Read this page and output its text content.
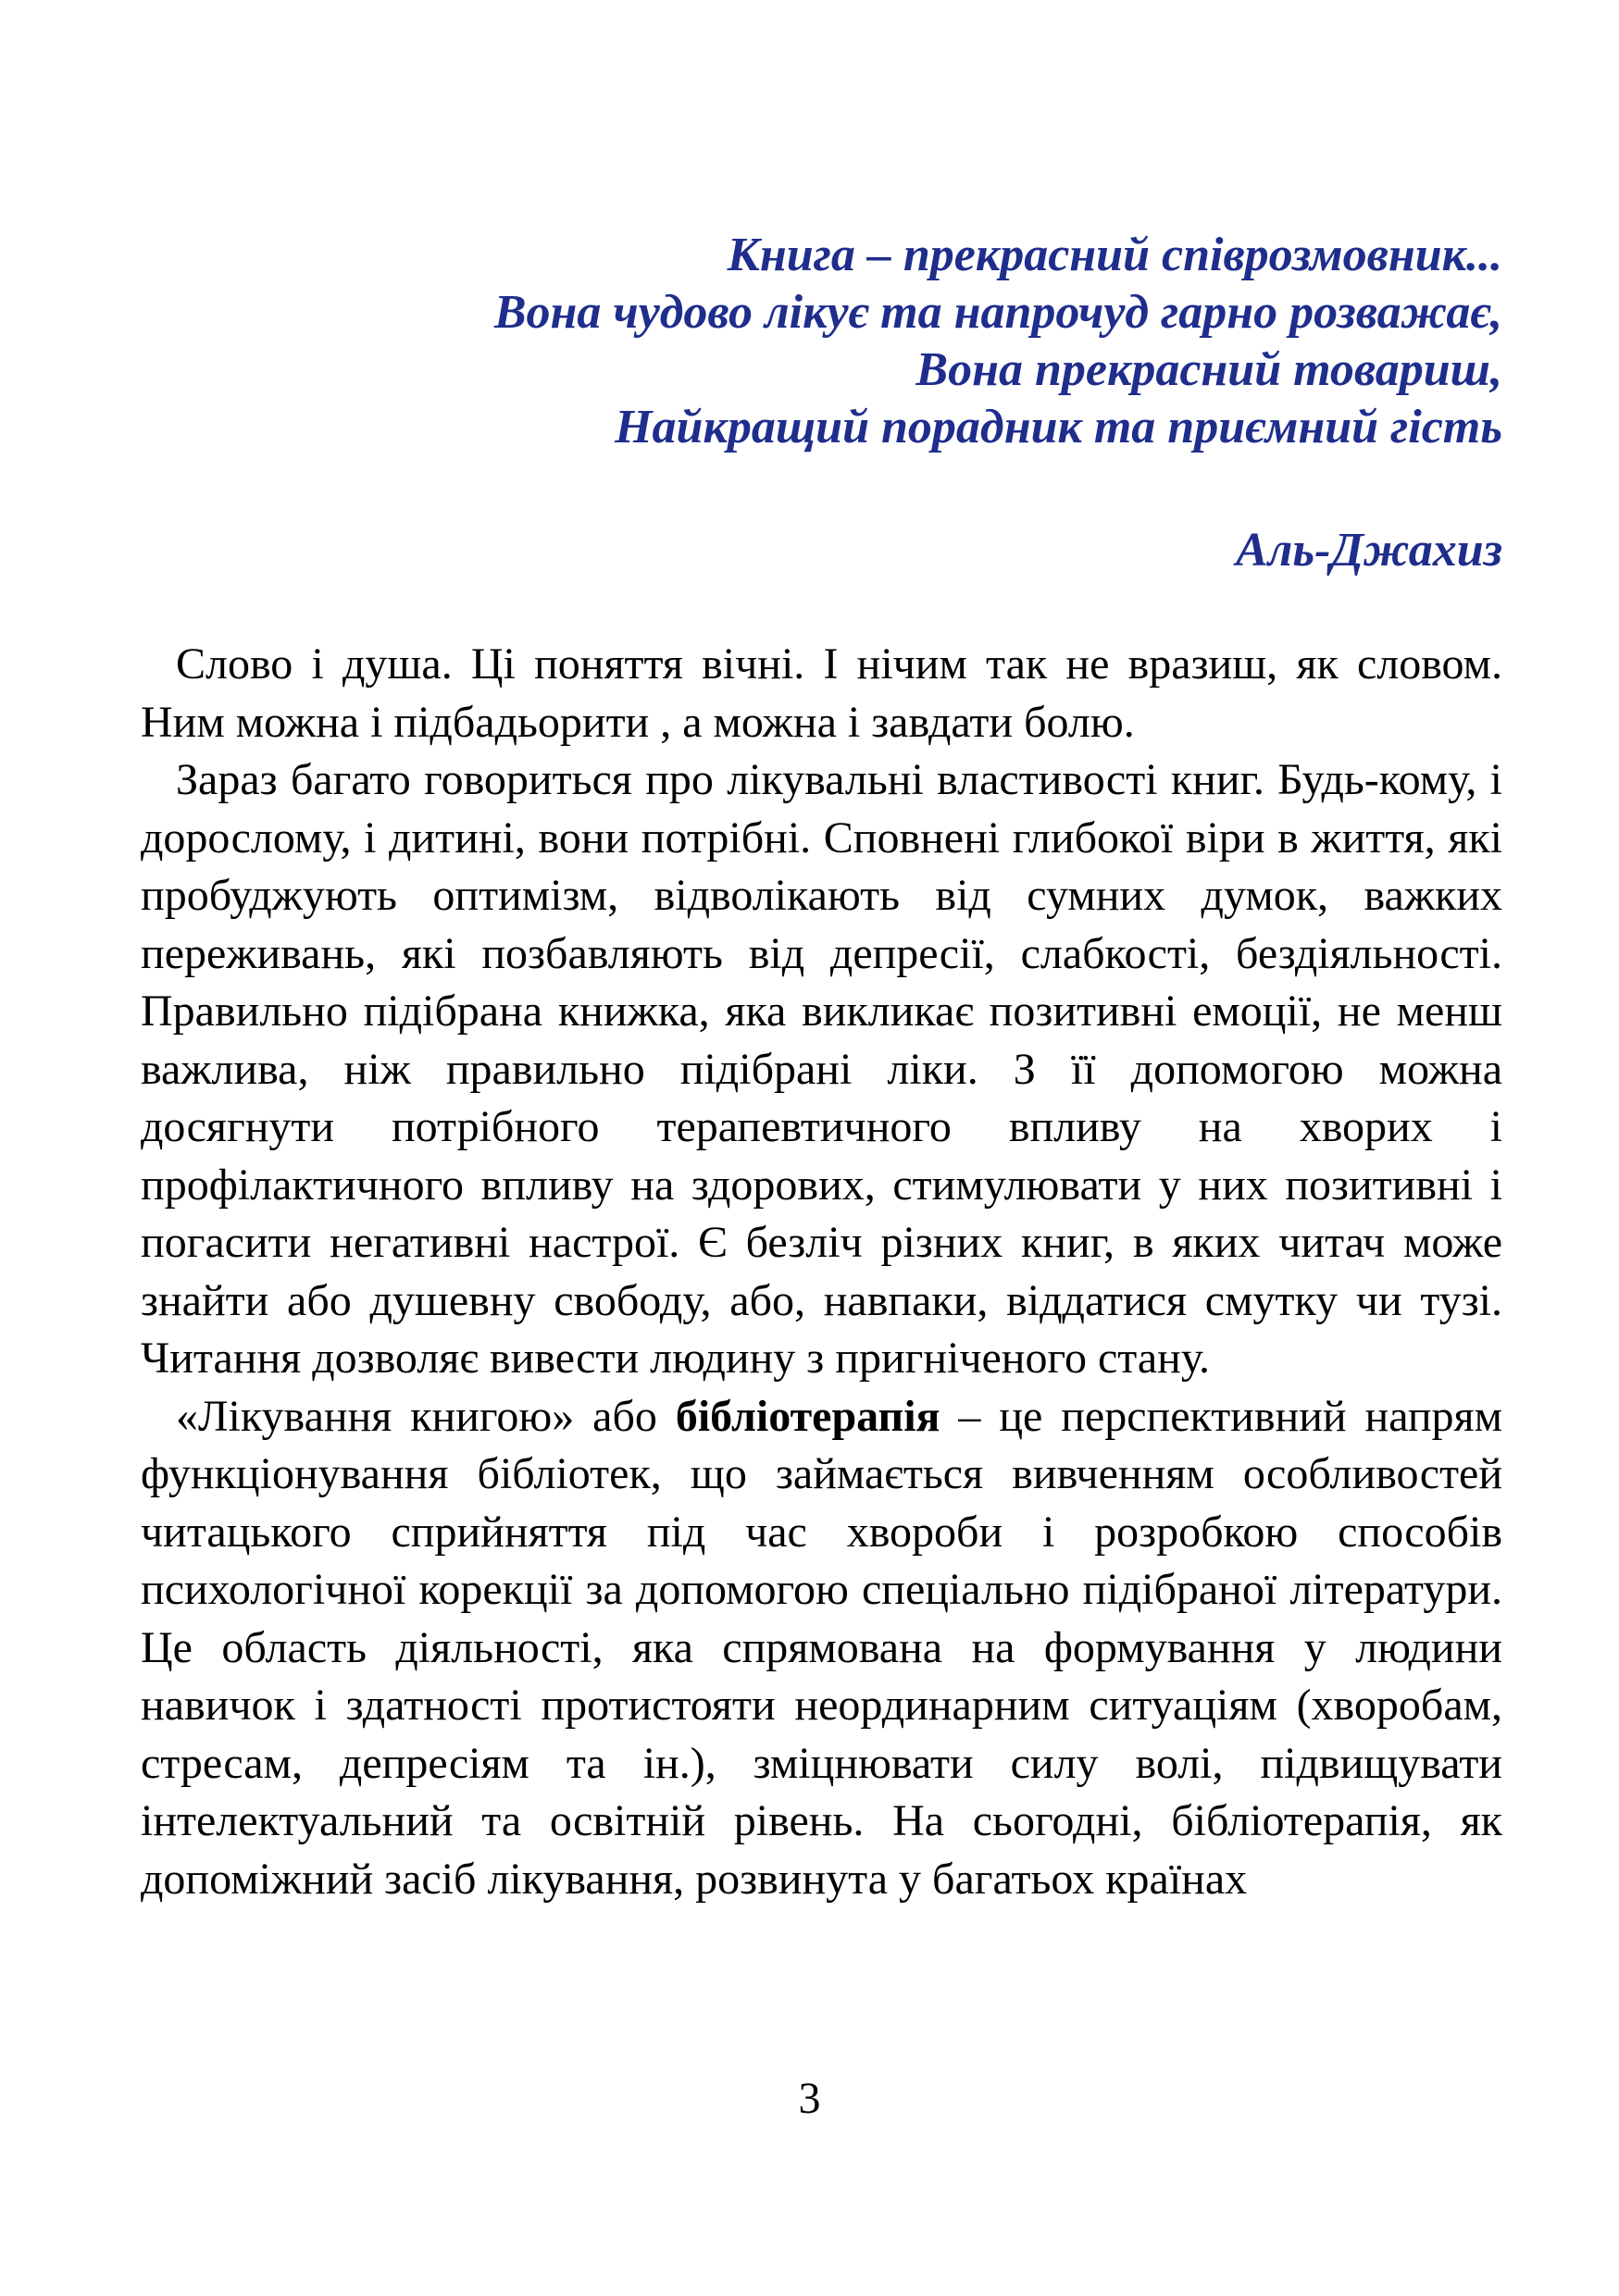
Книга – прекрасний співрозмовник...
Вона чудово лікує та напрочуд гарно розважає,
Вона прекрасний товариш,
Найкращий порадник та приємний гість
Аль-Джахиз

Слово і душа. Ці поняття вічні. І нічим так не вразиш, як словом. Ним можна і підбадьорити , а можна і завдати болю.

Зараз багато говориться про лікувальні властивості книг. Будь-кому, і дорослому, і дитині, вони потрібні. Сповнені глибокої віри в життя, які пробуджують оптимізм, відволікають від сумних думок, важких переживань, які позбавляють від депресії, слабкості, бездіяльності. Правильно підібрана книжка, яка викликає позитивні емоції, не менш важлива, ніж правильно підібрані ліки. З її допомогою можна досягнути потрібного терапевтичного впливу на хворих і профілактичного впливу на здорових, стимулювати у них позитивні і погасити негативні настрої. Є безліч різних книг, в яких читач може знайти або душевну свободу, або, навпаки, віддатися смутку чи тузі. Читання дозволяє вивести людину з пригніченого стану.

«Лікування книгою» або бібліотерапія – це перспективний напрям функціонування бібліотек, що займається вивченням особливостей читацького сприйняття під час хвороби і розробкою способів психологічної корекції за допомогою спеціально підібраної літератури. Це область діяльності, яка спрямована на формування у людини навичок і здатності протистояти неординарним ситуаціям (хворобам, стресам, депресіям та ін.), зміцнювати силу волі, підвищувати інтелектуальний та освітній рівень. На сьогодні, бібліотерапія, як допоміжний засіб лікування, розвинута у багатьох країнах

3
